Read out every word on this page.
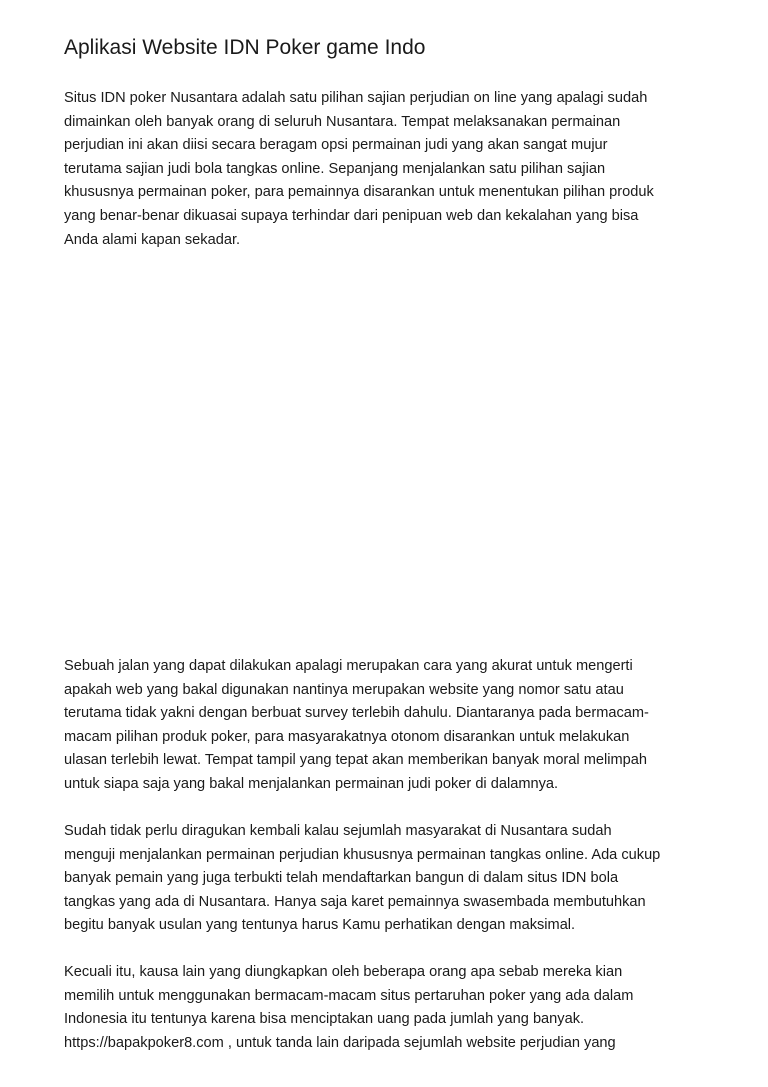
Aplikasi Website IDN Poker game Indo

Situs IDN poker Nusantara adalah satu pilihan sajian perjudian on line yang apalagi sudah
dimainkan oleh banyak orang di seluruh Nusantara. Tempat melaksanakan permainan
perjudian ini akan diisi secara beragam opsi permainan judi yang akan sangat mujur
terutama sajian judi bola tangkas online. Sepanjang menjalankan satu pilihan sajian
khususnya permainan poker, para pemainnya disarankan untuk menentukan pilihan produk
yang benar-benar dikuasai supaya terhindar dari penipuan web dan kekalahan yang bisa
Anda alami kapan sekadar.

Sebuah jalan yang dapat dilakukan apalagi merupakan cara yang akurat untuk mengerti
apakah web yang bakal digunakan nantinya merupakan website yang nomor satu atau
terutama tidak yakni dengan berbuat survey terlebih dahulu. Diantaranya pada bermacam-
macam pilihan produk poker, para masyarakatnya otonom disarankan untuk melakukan
ulasan terlebih lewat. Tempat tampil yang tepat akan memberikan banyak moral melimpah
untuk siapa saja yang bakal menjalankan permainan judi poker di dalamnya.

Sudah tidak perlu diragukan kembali kalau sejumlah masyarakat di Nusantara sudah
menguji menjalankan permainan perjudian khususnya permainan tangkas online. Ada cukup
banyak pemain yang juga terbukti telah mendaftarkan bangun di dalam situs IDN bola
tangkas yang ada di Nusantara. Hanya saja karet pemainnya swasembada membutuhkan
begitu banyak usulan yang tentunya harus Kamu perhatikan dengan maksimal.

Kecuali itu, kausa lain yang diungkapkan oleh beberapa orang apa sebab mereka kian
memilih untuk menggunakan bermacam-macam situs pertaruhan poker yang ada dalam
Indonesia itu tentunya karena bisa menciptakan uang pada jumlah yang banyak.
https://bapakpoker8.com , untuk tanda lain daripada sejumlah website perjudian yang
